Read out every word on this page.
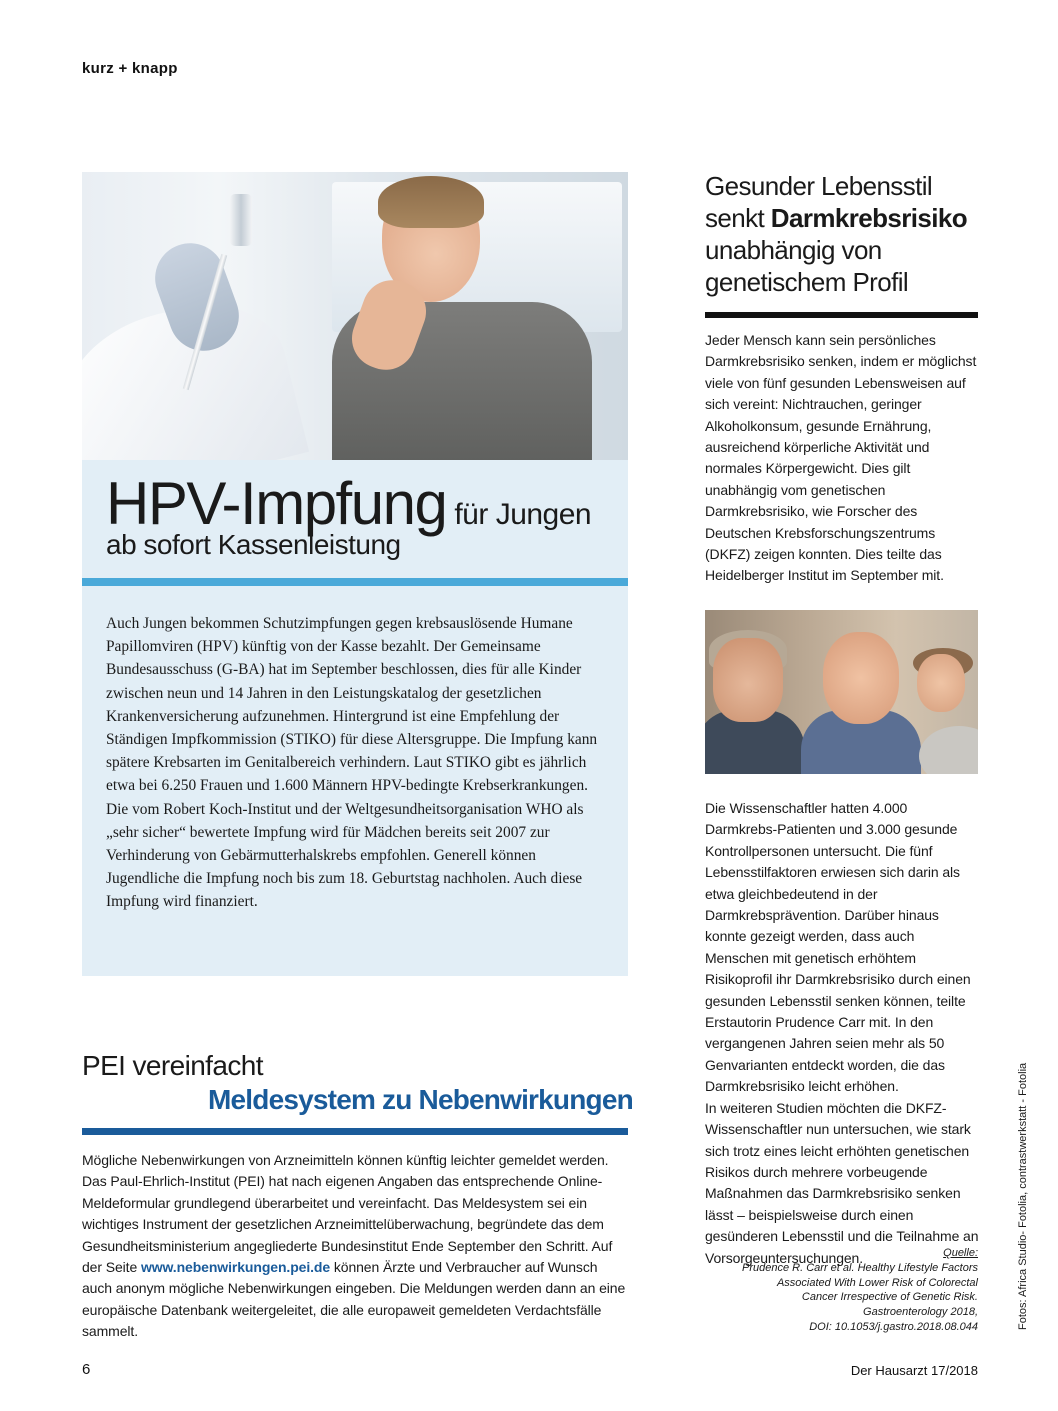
kurz + knapp
HPV-Impfung für Jungen
ab sofort Kassenleistung

Auch Jungen bekommen Schutzimpfungen gegen krebsauslösende Humane Papillomviren (HPV) künftig von der Kasse bezahlt. Der Gemeinsame Bundesausschuss (G-BA) hat im September beschlossen, dies für alle Kinder zwischen neun und 14 Jahren in den Leistungskatalog der gesetzlichen Krankenversicherung aufzunehmen. Hintergrund ist eine Empfehlung der Ständigen Impfkommission (STIKO) für diese Altersgruppe. Die Impfung kann spätere Krebsarten im Genitalbereich verhindern. Laut STIKO gibt es jährlich etwa bei 6.250 Frauen und 1.600 Männern HPV-bedingte Krebserkrankungen.

Die vom Robert Koch-Institut und der Weltgesundheitsorganisation WHO als „sehr sicher“ bewertete Impfung wird für Mädchen bereits seit 2007 zur Verhinderung von Gebärmutterhalskrebs empfohlen. Generell können Jugendliche die Impfung noch bis zum 18. Geburtstag nachholen. Auch diese Impfung wird finanziert.

PEI vereinfacht
Meldesystem zu Nebenwirkungen
Mögliche Nebenwirkungen von Arzneimitteln können künftig leichter gemeldet werden. Das Paul-Ehrlich-Institut (PEI) hat nach eigenen Angaben das entsprechende Online-Meldeformular grundlegend überarbeitet und vereinfacht. Das Meldesystem sei ein wichtiges Instrument der gesetzlichen Arzneimittelüberwachung, begründete das dem Gesundheitsministerium angegliederte Bundesinstitut Ende September den Schritt. Auf der Seite www.nebenwirkungen.pei.de können Ärzte und Verbraucher auf Wunsch auch anonym mögliche Nebenwirkungen eingeben. Die Meldungen werden dann an eine europäische Datenbank weitergeleitet, die alle europaweit gemeldeten Verdachtsfälle sammelt.
Gesunder Lebensstil
senkt Darmkrebsrisiko
unabhängig von
genetischem Profil
Jeder Mensch kann sein persönliches Darmkrebsrisiko senken, indem er möglichst viele von fünf gesunden Lebensweisen auf sich vereint: Nichtrauchen, geringer Alkoholkonsum, gesunde Ernährung, ausreichend körperliche Aktivität und normales Körpergewicht. Dies gilt unabhängig vom genetischen Darmkrebsrisiko, wie Forscher des Deutschen Krebsforschungszentrums (DKFZ) zeigen konnten. Dies teilte das Heidelberger Institut im September mit.
Die Wissenschaftler hatten 4.000 Darmkrebs-Patienten und 3.000 gesunde Kontrollpersonen untersucht. Die fünf Lebensstilfaktoren erwiesen sich darin als etwa gleichbedeutend in der Darmkrebsprävention. Darüber hinaus konnte gezeigt werden, dass auch Menschen mit genetisch erhöhtem Risikoprofil ihr Darmkrebsrisiko durch einen gesunden Lebensstil senken können, teilte Erstautorin Prudence Carr mit. In den vergangenen Jahren seien mehr als 50 Genvarianten entdeckt worden, die das Darmkrebsrisiko leicht erhöhen.
In weiteren Studien möchten die DKFZ-Wissenschaftler nun untersuchen, wie stark sich trotz eines leicht erhöhten genetischen Risikos durch mehrere vorbeugende Maßnahmen das Darmkrebsrisiko senken lässt – beispielsweise durch einen gesünderen Lebensstil und die Teilnahme an Vorsorgeuntersuchungen.	Quelle:
Prudence R. Carr et al. Healthy Lifestyle Factors
Associated With Lower Risk of Colorectal
Cancer Irrespective of Genetic Risk.
Gastroenterology 2018,
DOI: 10.1053/j.gastro.2018.08.044	Fotos: Africa Studio- Fotolia, contrastwerkstatt - Fotolia
6	Der Hausarzt 17/2018
